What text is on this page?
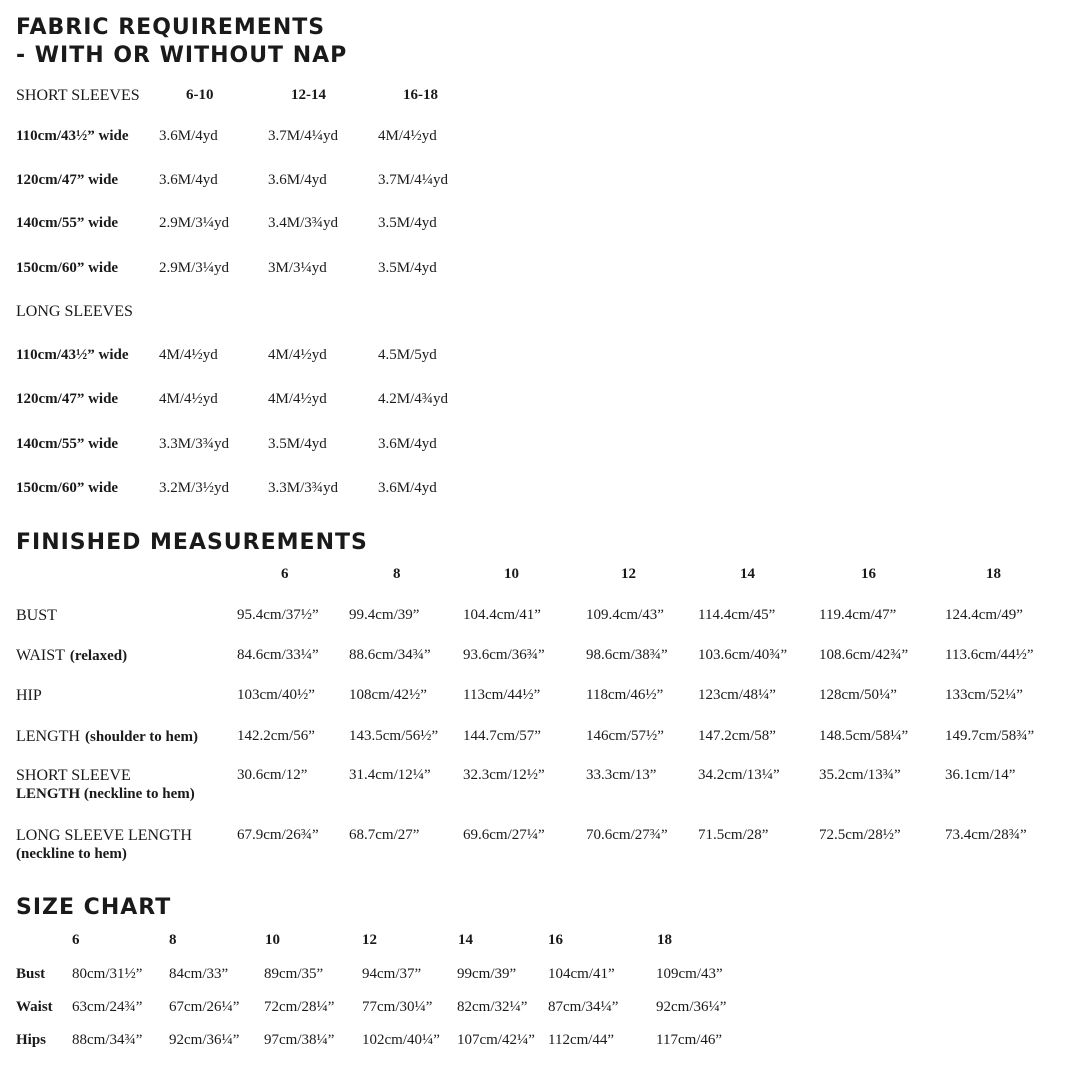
FABRIC REQUIREMENTS
- WITH OR WITHOUT NAP
SHORT SLEEVES	6-10	12-14	16-18
110cm/43½” wide 3.6M/4yd	3.7M/4¼yd	4M/4½yd
120cm/47” wide	3.6M/4yd	3.6M/4yd	3.7M/4¼yd
140cm/55” wide	2.9M/3¼yd	3.4M/3¾yd	3.5M/4yd
150cm/60” wide	2.9M/3¼yd	3M/3¼yd	3.5M/4yd
LONG SLEEVES
110cm/43½” wide 4M/4½yd	4M/4½yd	4.5M/5yd
120cm/47” wide	4M/4½yd	4M/4½yd	4.2M/4¾yd
140cm/55” wide	3.3M/3¾yd	3.5M/4yd	3.6M/4yd
150cm/60” wide	3.2M/3½yd	3.3M/3¾yd	3.6M/4yd
FINISHED MEASUREMENTS
6	8	10	12	14	16	18
BUST	95.4cm/37½” 99.4cm/39”	104.4cm/41”	109.4cm/43” 114.4cm/45”	119.4cm/47”	124.4cm/49”
WAIST (relaxed)	84.6cm/33¼” 88.6cm/34¾” 93.6cm/36¾”	98.6cm/38¾” 103.6cm/40¾” 108.6cm/42¾” 113.6cm/44½”
HIP	103cm/40½” 108cm/42½” 113cm/44½”	118cm/46½” 123cm/48¼”	128cm/50¼”	133cm/52¼”
LENGTH (shoulder to hem)	142.2cm/56” 143.5cm/56½” 144.7cm/57”	146cm/57½” 147.2cm/58”	148.5cm/58¼” 149.7cm/58¾”
SHORT SLEEVE
LENGTH (neckline to hem)
30.6cm/12”	31.4cm/12¼” 32.3cm/12½”	33.3cm/13”	34.2cm/13¼”	35.2cm/13¾”	36.1cm/14”
LONG SLEEVE LENGTH
(neckline to hem)
67.9cm/26¾” 68.7cm/27”	69.6cm/27¼”	70.6cm/27¾” 71.5cm/28”	72.5cm/28½”	73.4cm/28¾”
SIZE CHART
6	8	10	12	14	16	18
Bust 80cm/31½” 84cm/33” 89cm/35”	94cm/37” 99cm/39” 104cm/41”	109cm/43”
Waist 63cm/24¾” 67cm/26¼” 72cm/28¼” 77cm/30¼” 82cm/32¼” 87cm/34¼”	92cm/36¼”
Hips 88cm/34¾” 92cm/36¼” 97cm/38¼” 102cm/40¼” 107cm/42¼” 112cm/44”	117cm/46”
